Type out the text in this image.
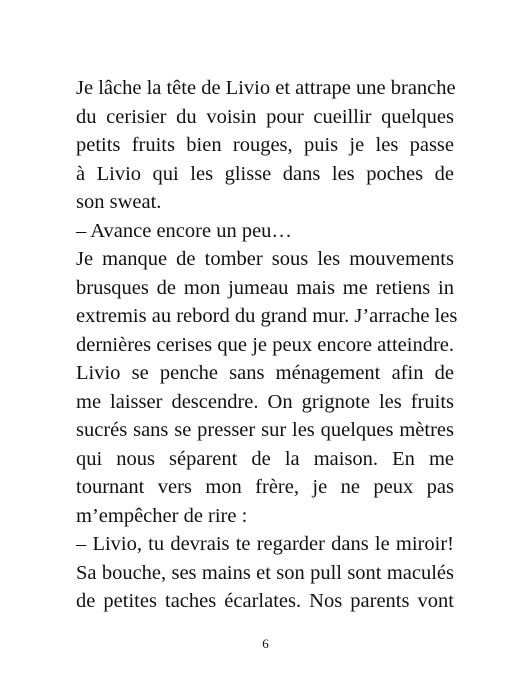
Je lâche la tête de Livio et attrape une branche
du cerisier du voisin pour cueillir quelques
petits fruits bien rouges, puis je les passe
à Livio qui les glisse dans les poches de
son sweat.
– Avance encore un peu…
Je manque de tomber sous les mouvements
brusques de mon jumeau mais me retiens in
extremis au rebord du grand mur. J’arrache les
dernières cerises que je peux encore atteindre.
Livio se penche sans ménagement afin de
me laisser descendre. On grignote les fruits
sucrés sans se presser sur les quelques mètres
qui nous séparent de la maison. En me
tournant vers mon frère, je ne peux pas
m’empêcher de rire :
– Livio, tu devrais te regarder dans le miroir!
Sa bouche, ses mains et son pull sont maculés
de petites taches écarlates. Nos parents vont
6
